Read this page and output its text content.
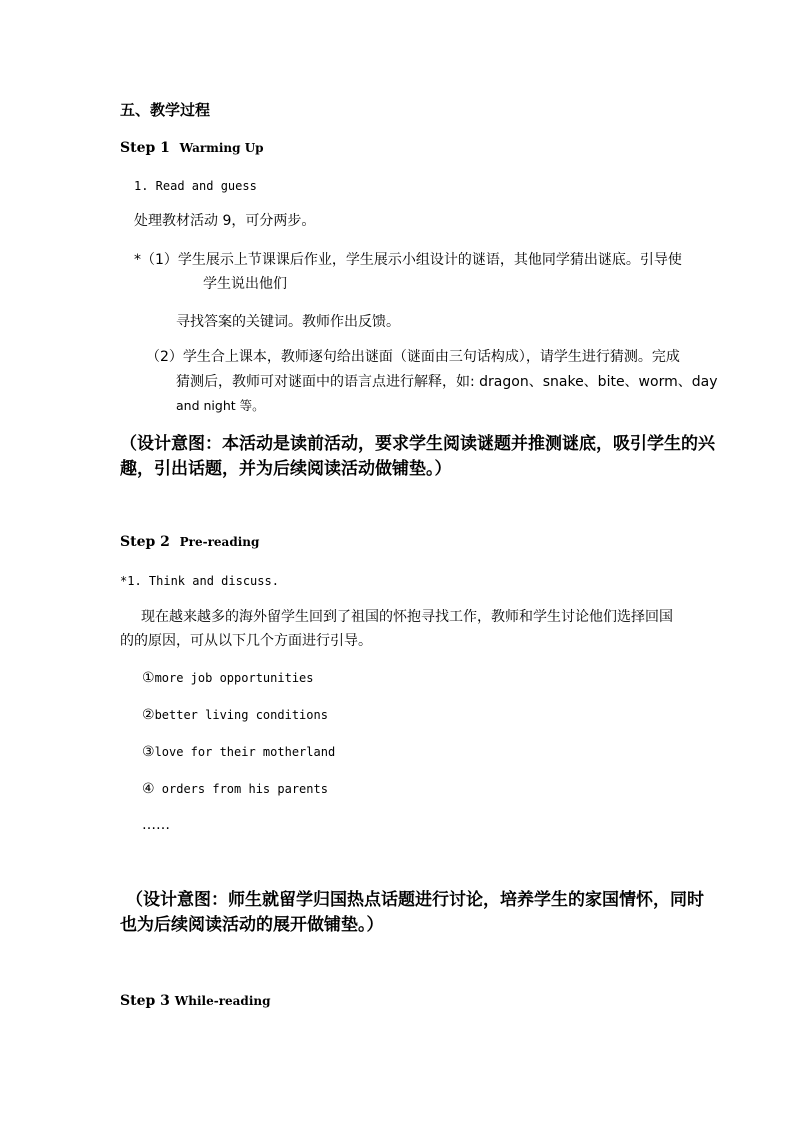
五、教学过程
Step 1 Warming Up
1. Read and guess
处理教材活动 9，可分两步。
*（1）学生展示上节课课后作业，学生展示小组设计的谜语，其他同学猜出谜底。引导使
学生说出他们
寻找答案的关键词。教师作出反馈。
（2）学生合上课本，教师逐句给出谜面（谜面由三句话构成），请学生进行猜测。完成
猜测后，教师可对谜面中的语言点进行解释，如: dragon、snake、bite、worm、day
and night 等。
（设计意图：本活动是读前活动，要求学生阅读谜题并推测谜底，吸引学生的兴
趣，引出话题，并为后续阅读活动做铺垫。）
Step 2 Pre-reading
*1. Think and discuss.
现在越来越多的海外留学生回到了祖国的怀抱寻找工作，教师和学生讨论他们选择回国
的的原因，可从以下几个方面进行引导。
①more job opportunities
②better living conditions
③love for their motherland
④ orders from his parents
……
（设计意图：师生就留学归国热点话题进行讨论，培养学生的家国情怀，同时
也为后续阅读活动的展开做铺垫。）
Step 3 While-reading
